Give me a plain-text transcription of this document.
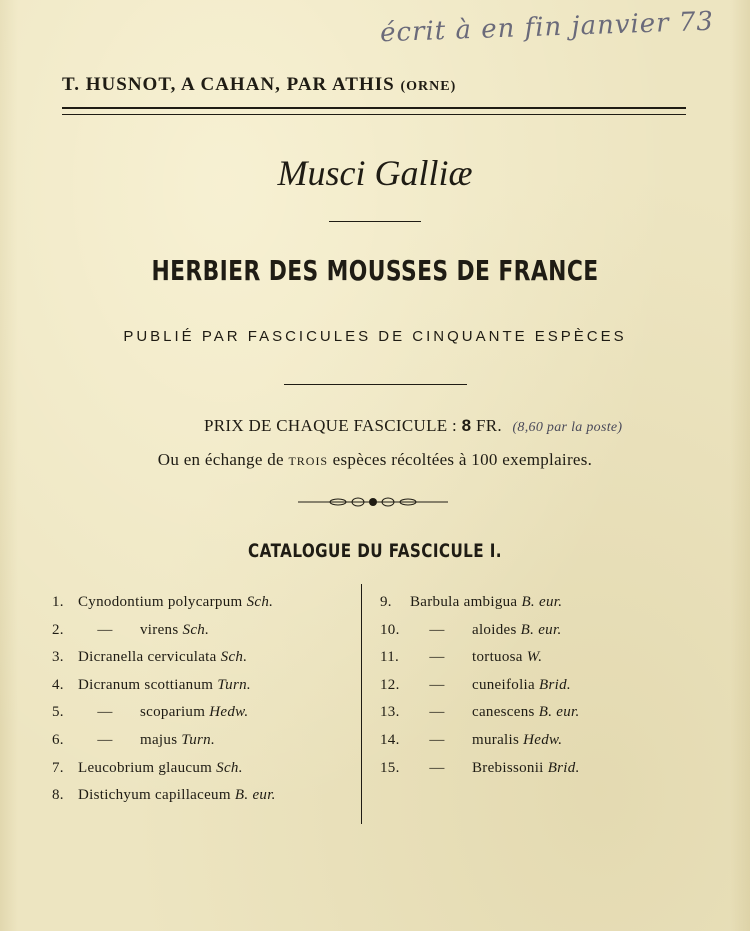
écrit à en fin janvier 73
T. HUSNOT, A CAHAN, PAR ATHIS (ORNE)
Musci Galliæ
HERBIER DES MOUSSES DE FRANCE
PUBLIÉ PAR FASCICULES DE CINQUANTE ESPÈCES
PRIX DE CHAQUE FASCICULE : 8 FR. (8,60 par la poste)
Ou en échange de trois espèces récoltées à 100 exemplaires.
CATALOGUE DU FASCICULE I.
1. Cynodontium polycarpum Sch.
2. — virens Sch.
3. Dicranella cerviculata Sch.
4. Dicranum scottianum Turn.
5. — scoparium Hedw.
6. — majus Turn.
7. Leucobrium glaucum Sch.
8. Distichyum capillaceum B. eur.
9. Barbula ambigua B. eur.
10. — aloides B. eur.
11. — tortuosa W.
12. — cuneifolia Brid.
13. — canescens B. eur.
14. — muralis Hedw.
15. — Brebissonii Brid.
